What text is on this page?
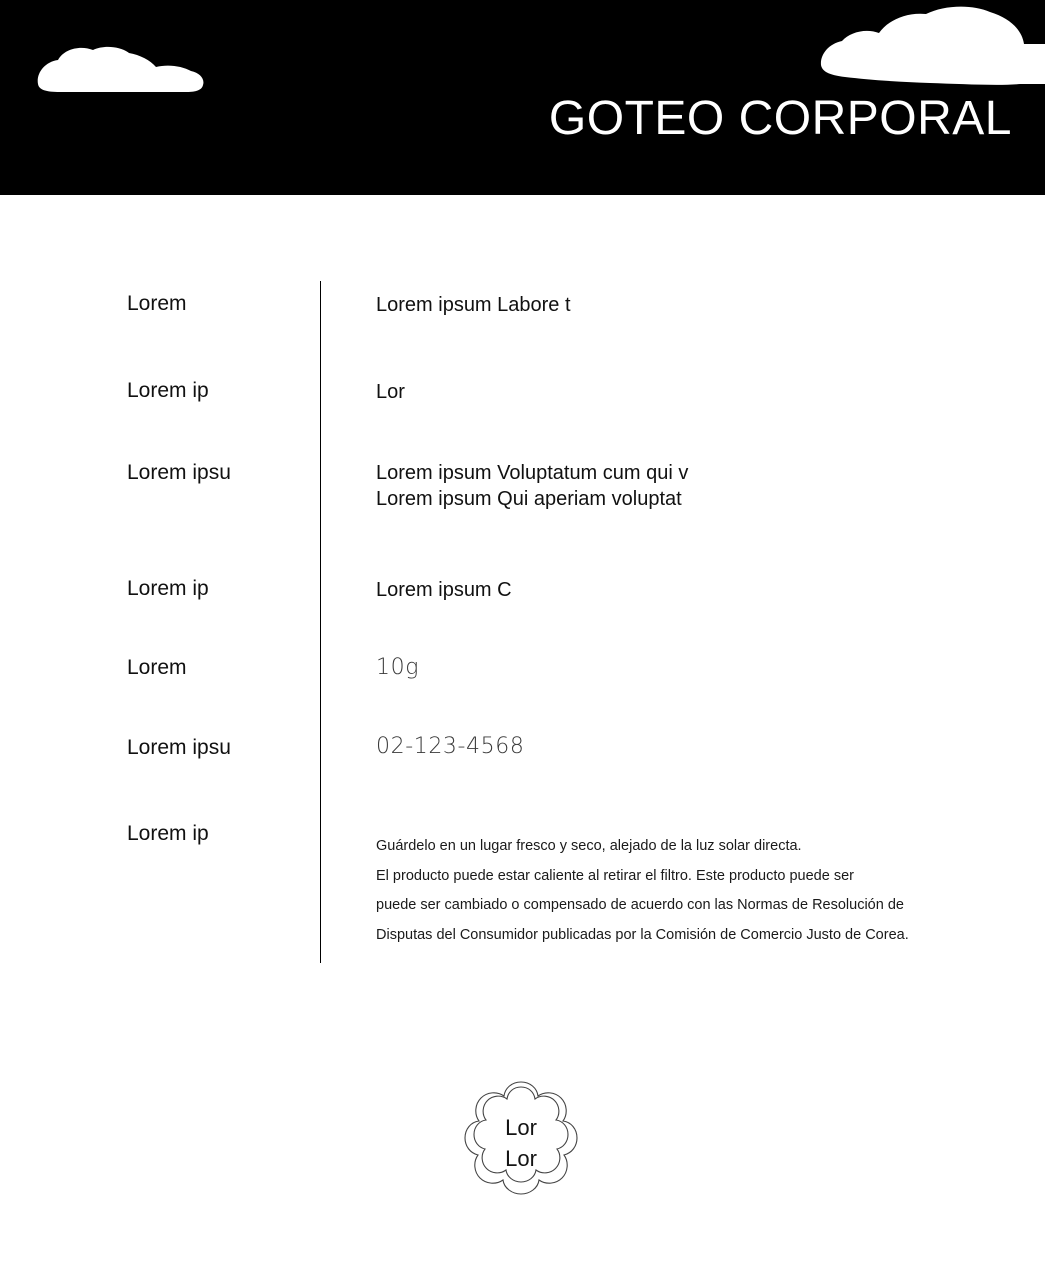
GOTEO CORPORAL
Lorem
Lorem ip
Lorem ipsu
Lorem ip
Lorem
Lorem ipsu
Lorem ip
Lorem ipsum Labore t
Lor
Lorem ipsum Voluptatum cum qui v
Lorem ipsum Qui aperiam voluptat
Lorem ipsum C
10g
02-123-4568
Guárdelo en un lugar fresco y seco, alejado de la luz solar directa.
El producto puede estar caliente al retirar el filtro. Este producto puede ser
puede ser cambiado o compensado de acuerdo con las Normas de Resolución de
Disputas del Consumidor publicadas por la Comisión de Comercio Justo de Corea.
Lor
Lor
